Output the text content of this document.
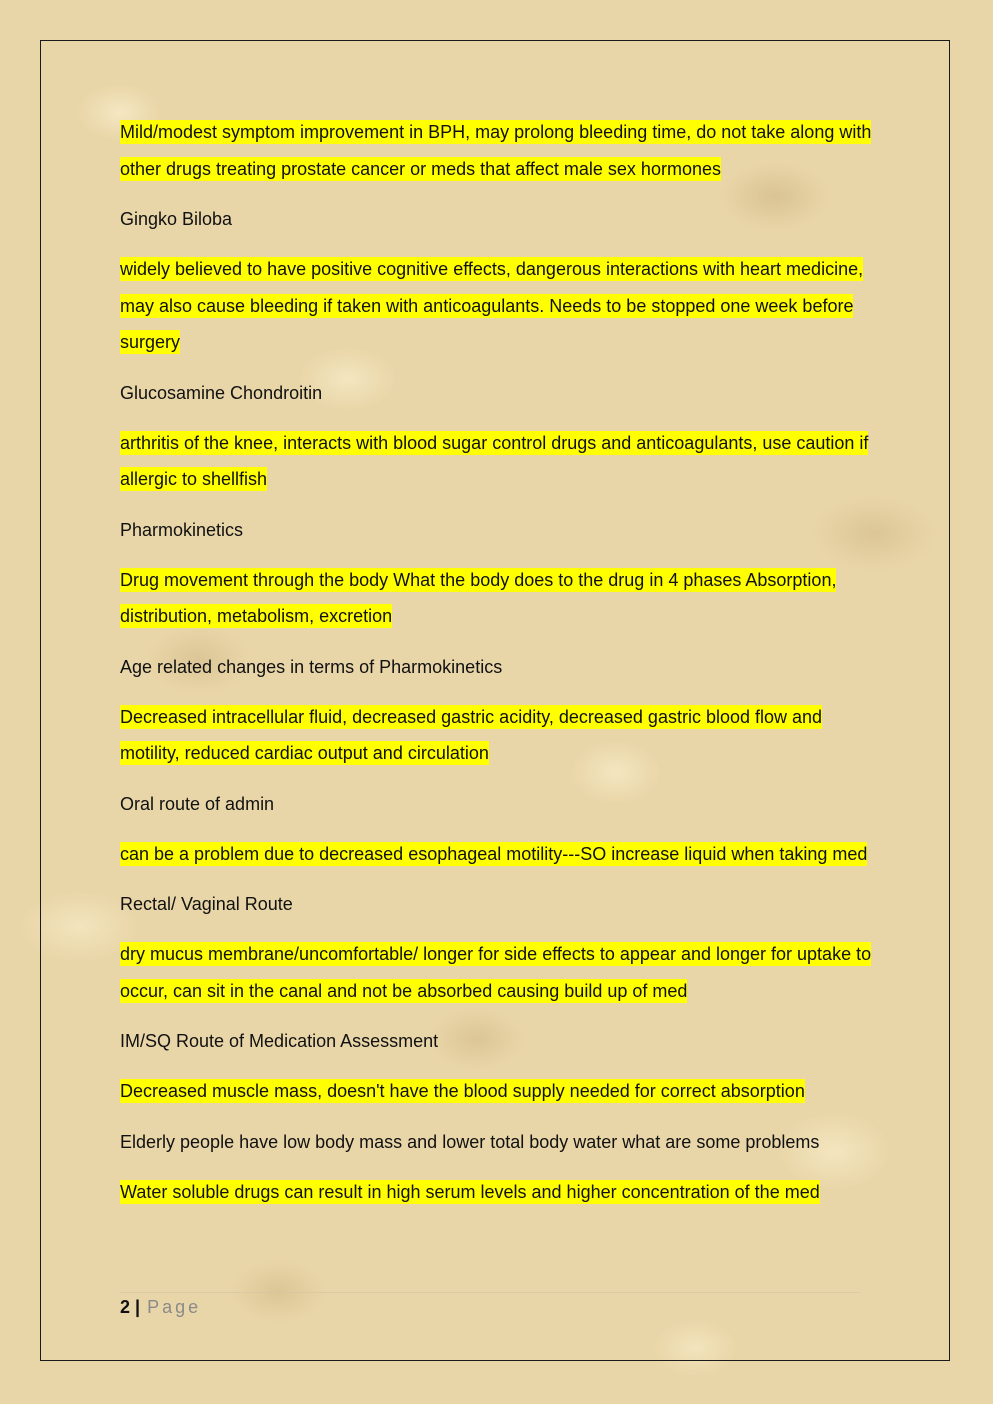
Mild/modest symptom improvement in BPH, may prolong bleeding time, do not take along with other drugs treating prostate cancer or meds that affect male sex hormones

Gingko Biloba

widely believed to have positive cognitive effects, dangerous interactions with heart medicine, may also cause bleeding if taken with anticoagulants. Needs to be stopped one week before surgery

Glucosamine Chondroitin

arthritis of the knee, interacts with blood sugar control drugs and anticoagulants, use caution if allergic to shellfish

Pharmokinetics

Drug movement through the body What the body does to the drug in 4 phases Absorption, distribution, metabolism, excretion

Age related changes in terms of Pharmokinetics

Decreased intracellular fluid, decreased gastric acidity, decreased gastric blood flow and motility, reduced cardiac output and circulation

Oral route of admin

can be a problem due to decreased esophageal motility---SO increase liquid when taking med

Rectal/ Vaginal Route

dry mucus membrane/uncomfortable/ longer for side effects to appear and longer for uptake to occur, can sit in the canal and not be absorbed causing build up of med

IM/SQ Route of Medication Assessment

Decreased muscle mass, doesn't have the blood supply needed for correct absorption

Elderly people have low body mass and lower total body water what are some problems

Water soluble drugs can result in high serum levels and higher concentration of the med

2 | Page
